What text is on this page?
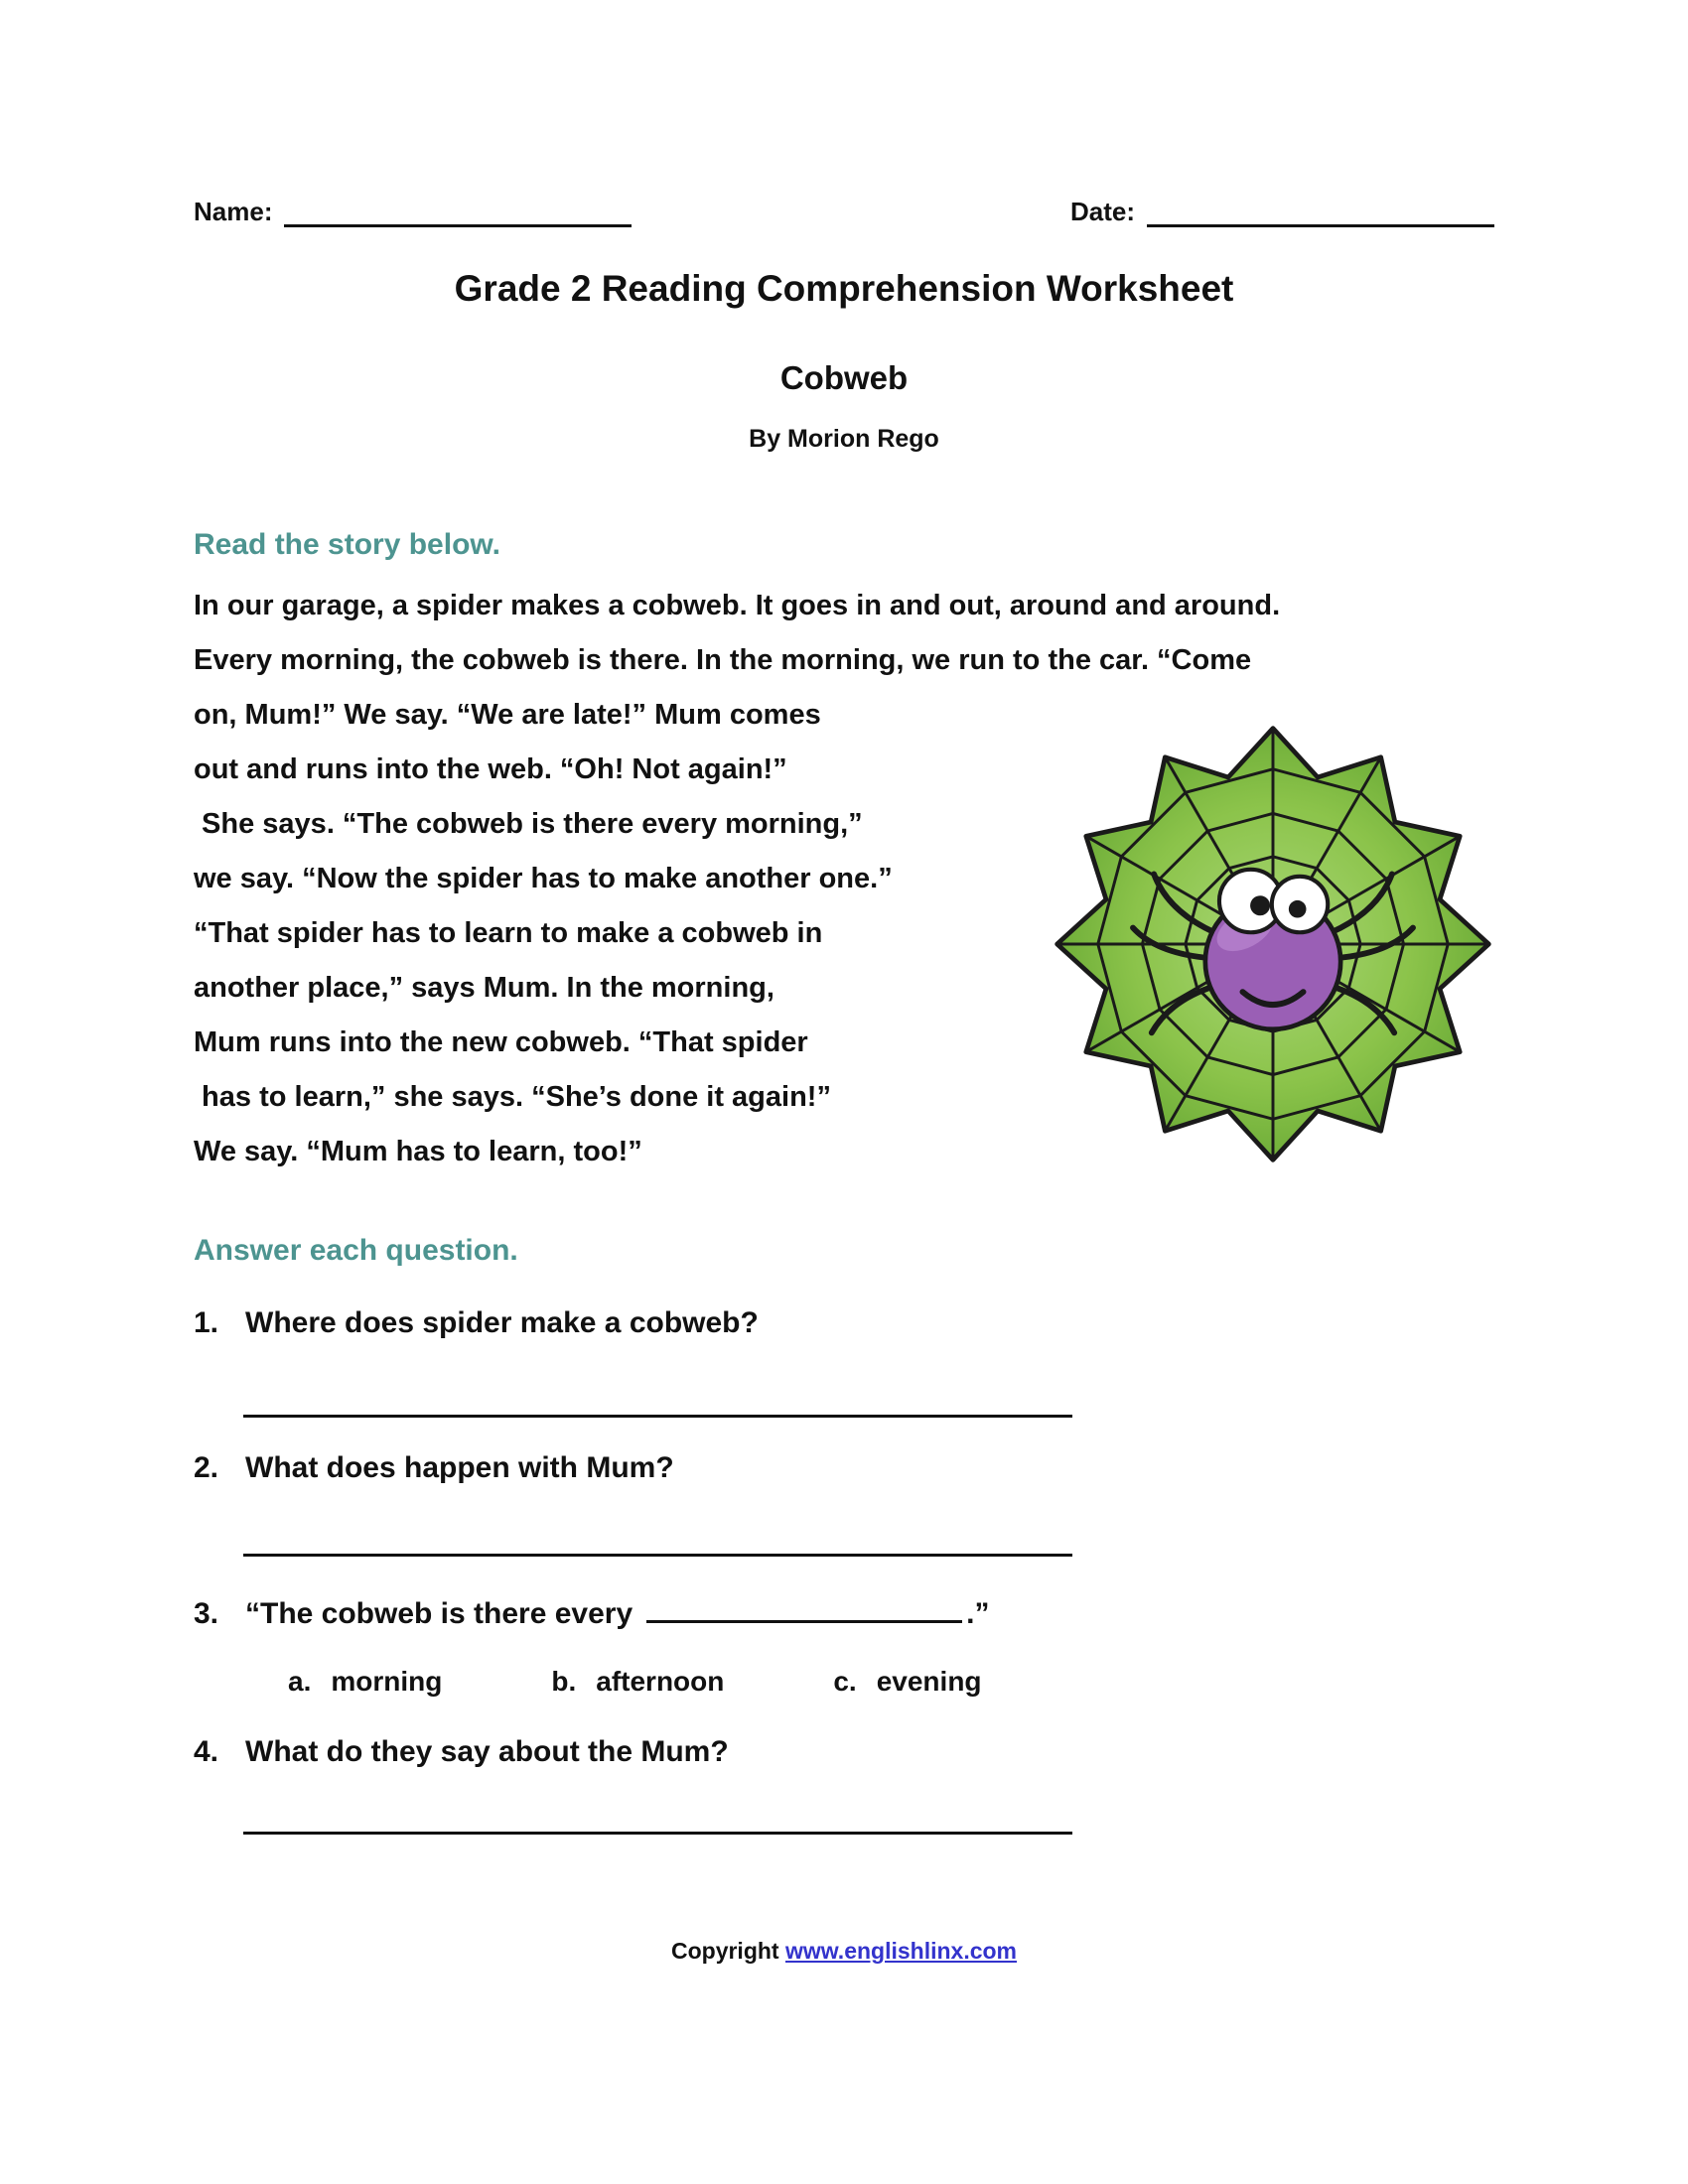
Name:	Date:
Grade 2 Reading Comprehension Worksheet
Cobweb
By Morion Rego
Read the story below.
In our garage, a spider makes a cobweb. It goes in and out, around and around.
Every morning, the cobweb is there. In the morning, we run to the car. “Come
on, Mum!” We say. “We are late!” Mum comes
out and runs into the web. “Oh! Not again!”
She says. “The cobweb is there every morning,”
we say. “Now the spider has to make another one.”
“That spider has to learn to make a cobweb in
another place,” says Mum. In the morning,
Mum runs into the new cobweb. “That spider
has to learn,” she says. “She’s done it again!”
We say. “Mum has to learn, too!”
Answer each question.
1. Where does spider make a cobweb?
2. What does happen with Mum?
3. “The cobweb is there every	.”
a. morning	b. afternoon	c. evening
4. What do they say about the Mum?
Copyright www.englishlinx.com
